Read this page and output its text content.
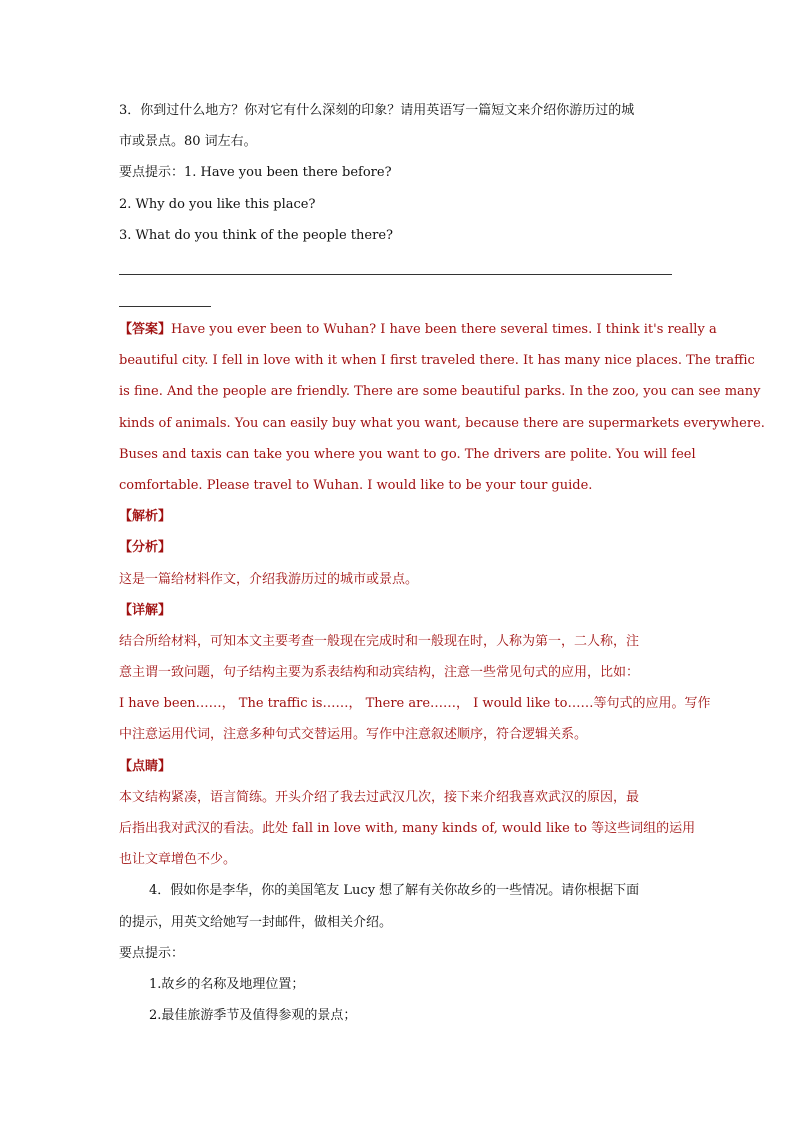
3．你到过什么地方？你对它有什么深刻的印象？请用英语写一篇短文来介绍你游历过的城
市或景点。80 词左右。
要点提示：1. Have you been there before?
2. Why do you like this place?
3. What do you think of the people there?
【答案】Have you ever been to Wuhan? I have been there several times. I think it's really a
beautiful city. I fell in love with it when I first traveled there. It has many nice places. The traffic
is fine. And the people are friendly. There are some beautiful parks. In the zoo, you can see many
kinds of animals. You can easily buy what you want, because there are supermarkets everywhere.
Buses and taxis can take you where you want to go. The drivers are polite. You will feel
comfortable. Please travel to Wuhan. I would like to be your tour guide.
【解析】
【分析】
这是一篇给材料作文，介绍我游历过的城市或景点。
【详解】
结合所给材料，可知本文主要考查一般现在完成时和一般现在时，人称为第一，二人称，注
意主谓一致问题，句子结构主要为系表结构和动宾结构，注意一些常见句式的应用，比如：
I have been……， The traffic is……， There are……， I would like to……等句式的应用。写作
中注意运用代词，注意多种句式交替运用。写作中注意叙述顺序，符合逻辑关系。
【点睛】
本文结构紧凑，语言简练。开头介绍了我去过武汉几次，接下来介绍我喜欢武汉的原因，最
后指出我对武汉的看法。此处 fall in love with, many kinds of, would like to 等这些词组的运用
也让文章增色不少。
4．假如你是李华，你的美国笔友 Lucy 想了解有关你故乡的一些情况。请你根据下面
的提示，用英文给她写一封邮件，做相关介绍。
要点提示：
1.故乡的名称及地理位置；
2.最佳旅游季节及值得参观的景点；
